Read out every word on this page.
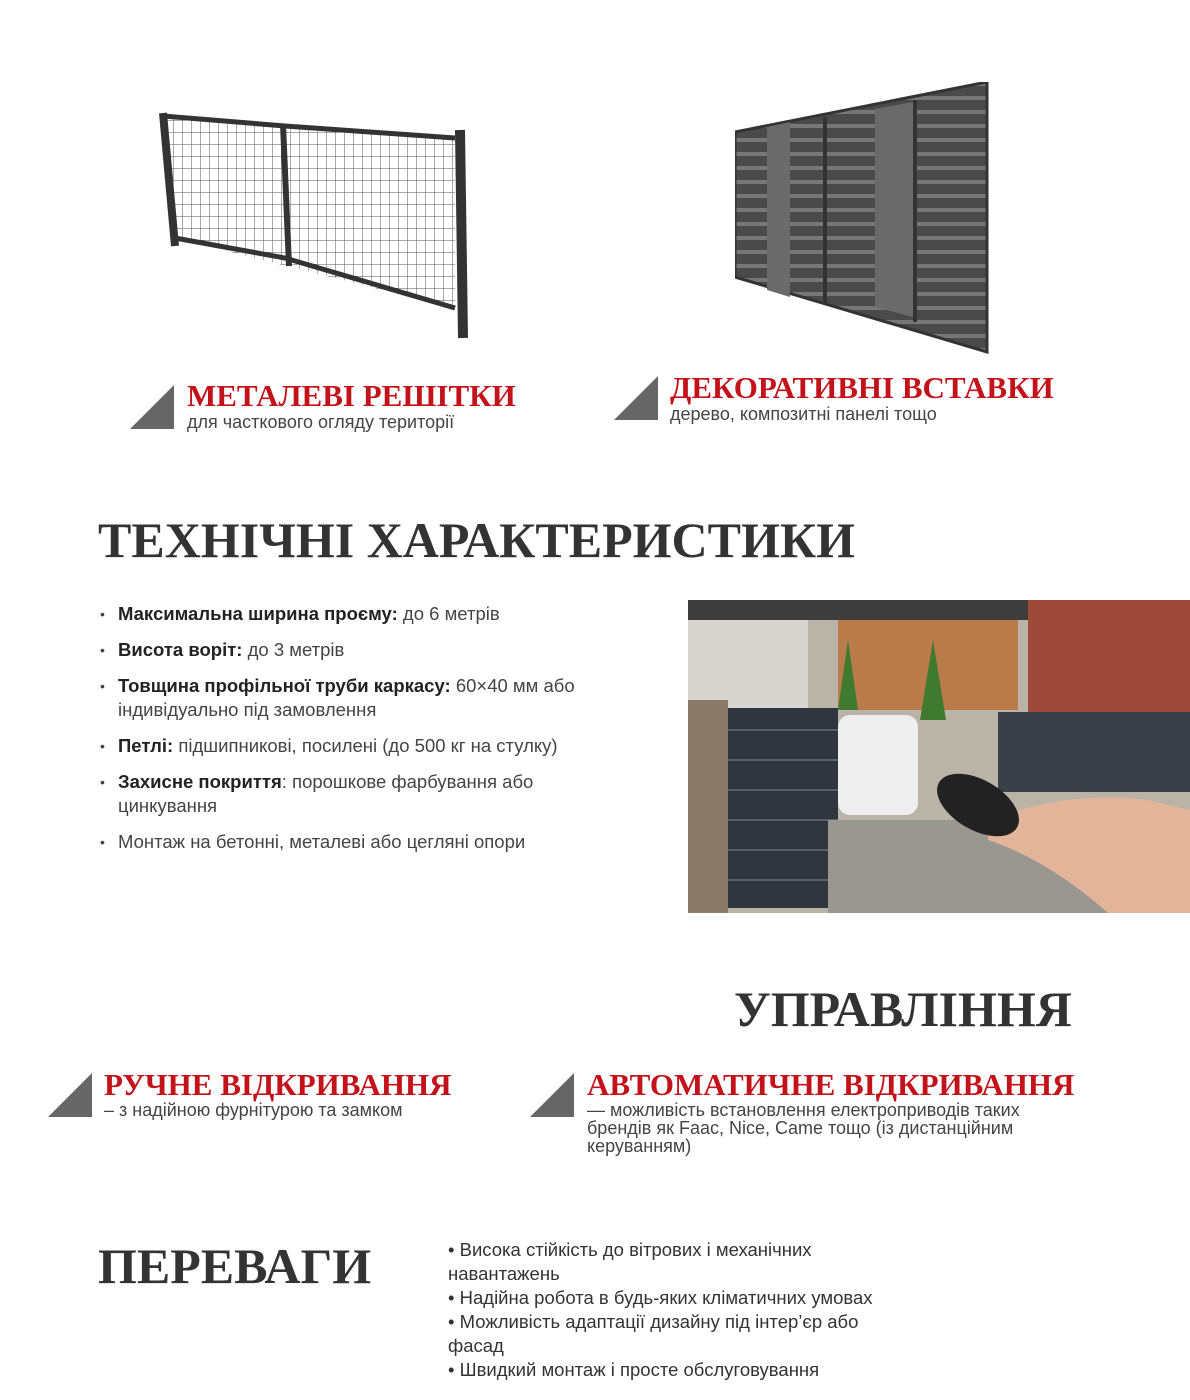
МЕТАЛЕВІ РЕШІТКИ
для часткового огляду території
ДЕКОРАТИВНІ ВСТАВКИ
дерево, композитні панелі тощо
ТЕХНІЧНІ ХАРАКТЕРИСТИКИ
• Максимальна ширина проєму: до 6 метрів
• Висота воріт: до 3 метрів
• Товщина профільної труби каркасу: 60×40 мм або індивідуально під замовлення
• Петлі: підшипникові, посилені (до 500 кг на стулку)
• Захисне покриття: порошкове фарбування або цинкування
• Монтаж на бетонні, металеві або цегляні опори
УПРАВЛІННЯ
РУЧНЕ ВІДКРИВАННЯ
– з надійною фурнітурою та замком
АВТОМАТИЧНЕ ВІДКРИВАННЯ
— можливість встановлення електроприводів таких брендів як Faac, Nice, Came тощо (із дистанційним керуванням)
ПЕРЕВАГИ	• Висока стійкість до вітрових і механічних навантажень
• Надійна робота в будь-яких кліматичних умовах
• Можливість адаптації дизайну під інтер’єр або фасад
• Швидкий монтаж і просте обслуговування
